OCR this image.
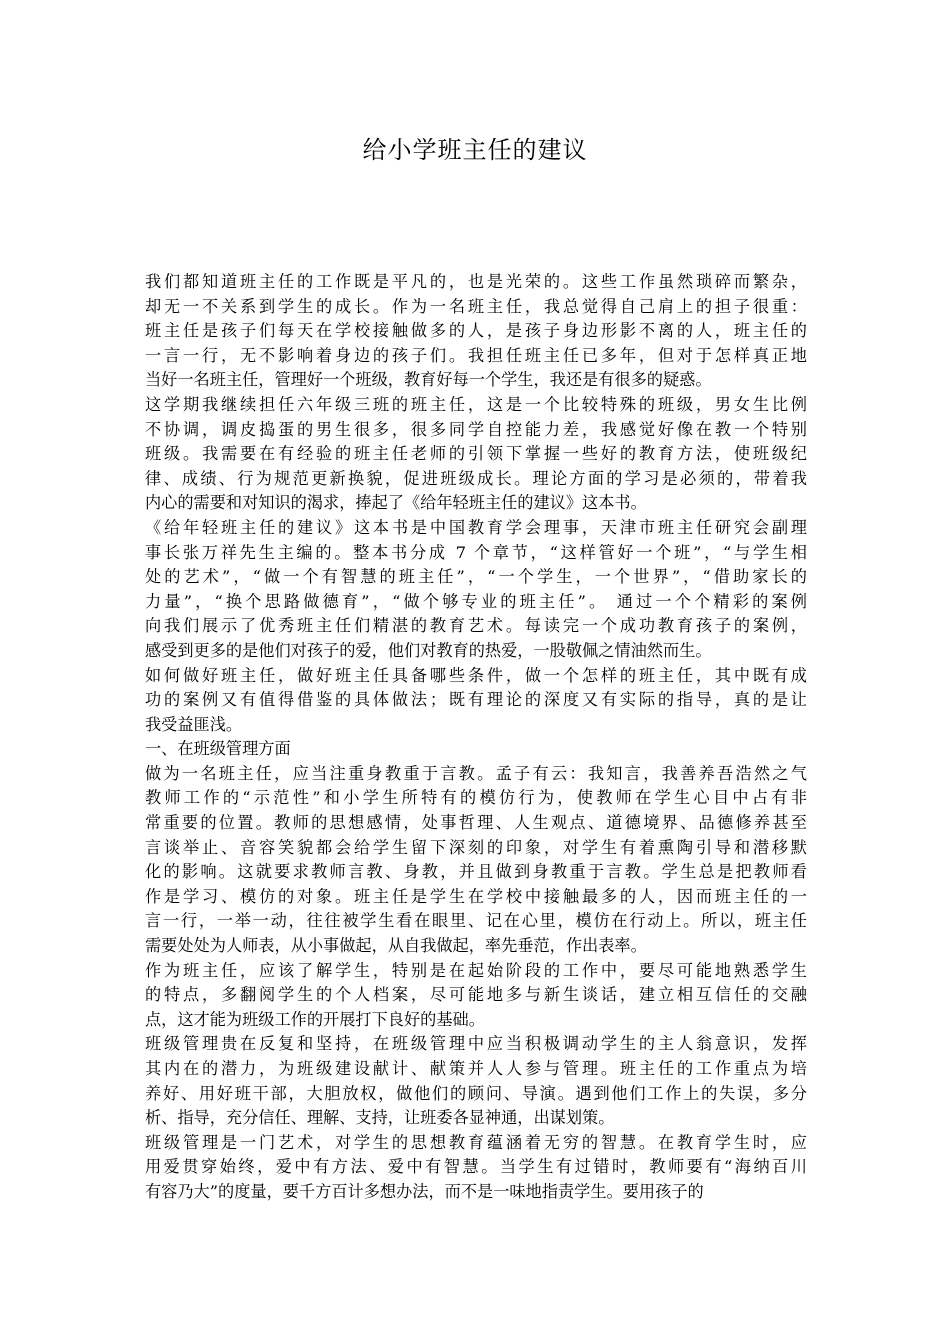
给小学班主任的建议
我们都知道班主任的工作既是平凡的，也是光荣的。这些工作虽然琐碎而繁杂，
却无一不关系到学生的成长。作为一名班主任，我总觉得自己肩上的担子很重：
班主任是孩子们每天在学校接触做多的人，是孩子身边形影不离的人，班主任的
一言一行，无不影响着身边的孩子们。我担任班主任已多年，但对于怎样真正地
当好一名班主任，管理好一个班级，教育好每一个学生，我还是有很多的疑惑。
这学期我继续担任六年级三班的班主任，这是一个比较特殊的班级，男女生比例
不协调，调皮捣蛋的男生很多，很多同学自控能力差，我感觉好像在教一个特别
班级。我需要在有经验的班主任老师的引领下掌握一些好的教育方法，使班级纪
律、成绩、行为规范更新换貌，促进班级成长。理论方面的学习是必须的，带着我
内心的需要和对知识的渴求，捧起了《给年轻班主任的建议》这本书。
《给年轻班主任的建议》这本书是中国教育学会理事，天津市班主任研究会副理
事长张万祥先生主编的。整本书分成 7 个章节，“这样管好一个班”，“与学生相
处的艺术”，“做一个有智慧的班主任”，“一个学生，一个世界”，“借助家长的
力量”，“换个思路做德育”，“做个够专业的班主任”。 通过一个个精彩的案例
向我们展示了优秀班主任们精湛的教育艺术。每读完一个成功教育孩子的案例，
感受到更多的是他们对孩子的爱，他们对教育的热爱，一股敬佩之情油然而生。
如何做好班主任，做好班主任具备哪些条件，做一个怎样的班主任，其中既有成
功的案例又有值得借鉴的具体做法；既有理论的深度又有实际的指导，真的是让
我受益匪浅。
一、在班级管理方面
做为一名班主任，应当注重身教重于言教。孟子有云：我知言，我善养吾浩然之气
教师工作的“示范性”和小学生所特有的模仿行为，使教师在学生心目中占有非
常重要的位置。教师的思想感情，处事哲理、人生观点、道德境界、品德修养甚至
言谈举止、音容笑貌都会给学生留下深刻的印象，对学生有着熏陶引导和潜移默
化的影响。这就要求教师言教、身教，并且做到身教重于言教。学生总是把教师看
作是学习、模仿的对象。班主任是学生在学校中接触最多的人，因而班主任的一
言一行，一举一动，往往被学生看在眼里、记在心里，模仿在行动上。所以，班主任
需要处处为人师表，从小事做起，从自我做起，率先垂范，作出表率。
作为班主任，应该了解学生，特别是在起始阶段的工作中，要尽可能地熟悉学生
的特点，多翻阅学生的个人档案，尽可能地多与新生谈话，建立相互信任的交融
点，这才能为班级工作的开展打下良好的基础。
班级管理贵在反复和坚持，在班级管理中应当积极调动学生的主人翁意识，发挥
其内在的潜力，为班级建设献计、献策并人人参与管理。班主任的工作重点为培
养好、用好班干部，大胆放权，做他们的顾问、导演。遇到他们工作上的失误，多分
析、指导，充分信任、理解、支持，让班委各显神通，出谋划策。
班级管理是一门艺术，对学生的思想教育蕴涵着无穷的智慧。在教育学生时，应
用爱贯穿始终，爱中有方法、爱中有智慧。当学生有过错时，教师要有“海纳百川
有容乃大”的度量，要千方百计多想办法，而不是一味地指责学生。要用孩子的
